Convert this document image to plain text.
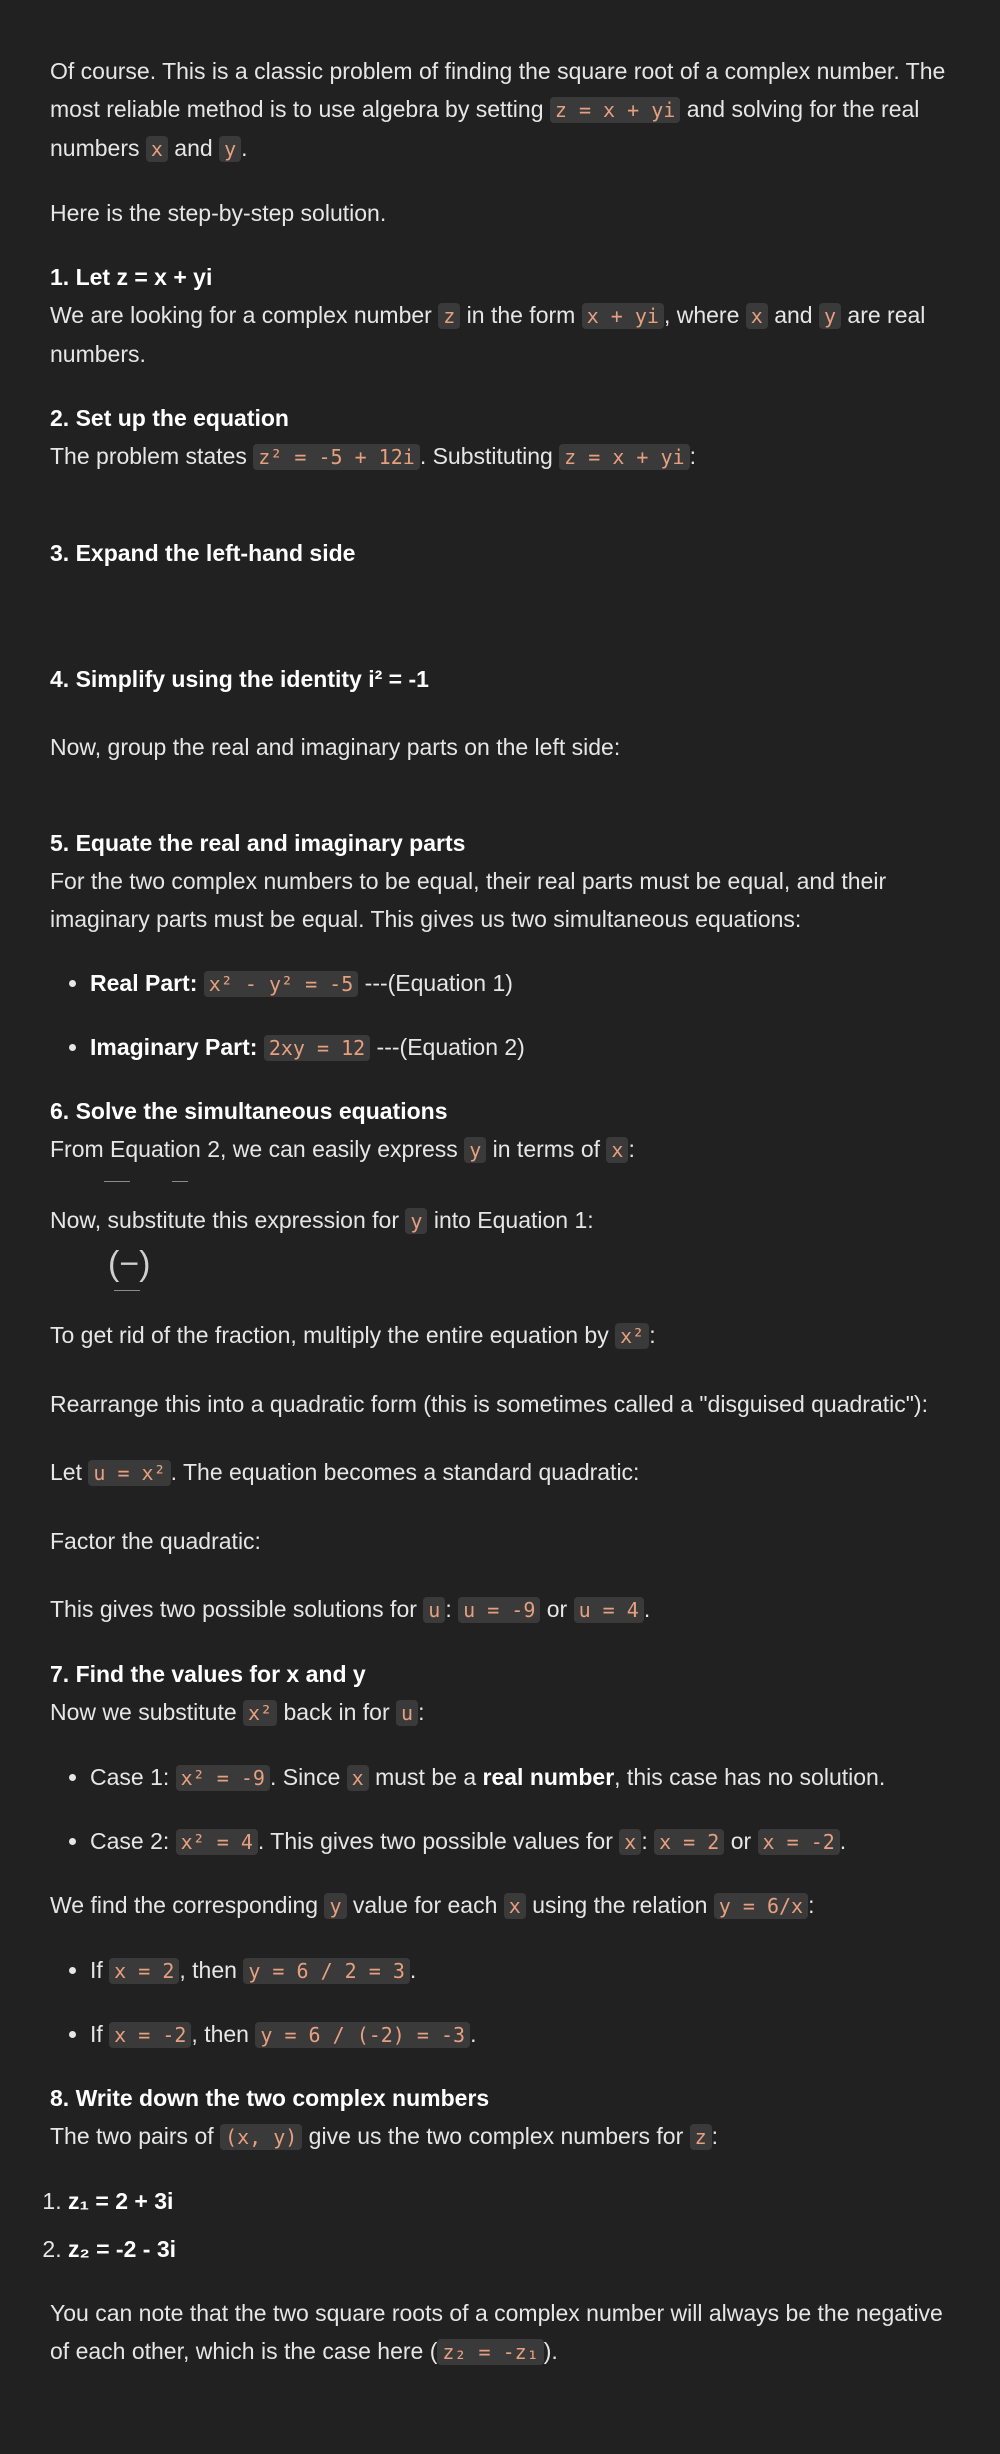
Of course. This is a classic problem of finding the square root of a complex number. The most reliable method is to use algebra by setting z = x + yi and solving for the real numbers x and y .

Here is the step-by-step solution.

1. Let z = x + yi

We are looking for a complex number z in the form x + yi , where x and y are real numbers.

2. Set up the equation

The problem states z² = -5 + 12i . Substituting z = x + yi :

3. Expand the left-hand side
4. Simplify using the identity i² = -1

Now, group the real and imaginary parts on the left side:

5. Equate the real and imaginary parts

For the two complex numbers to be equal, their real parts must be equal, and their imaginary parts must be equal. This gives us two simultaneous equations:

• Real Part: x² - y² = -5 ---(Equation 1)
• Imaginary Part: 2xy = 12 ---(Equation 2)
6. Solve the simultaneous equations

From Equation 2, we can easily express y in terms of x :

Now, substitute this expression for y into Equation 1:

(−)

To get rid of the fraction, multiply the entire equation by x² :

Rearrange this into a quadratic form (this is sometimes called a "disguised quadratic"):

Let u = x² . The equation becomes a standard quadratic:

Factor the quadratic:

This gives two possible solutions for u : u = -9 or u = 4 .

7. Find the values for x and y

Now we substitute x² back in for u :

• Case 1: x² = -9 . Since x must be a real number, this case has no solution.
• Case 2: x² = 4 . This gives two possible values for x : x = 2 or x = -2 .

We find the corresponding y value for each x using the relation y = 6/x :

• If x = 2 , then y = 6 / 2 = 3 .
• If x = -2 , then y = 6 / (-2) = -3 .
8. Write down the two complex numbers

The two pairs of (x, y) give us the two complex numbers for z :

1. z₁ = 2 + 3i
2. z₂ = -2 - 3i

You can note that the two square roots of a complex number will always be the negative of each other, which is the case here ( z₂ = -z₁ ).
